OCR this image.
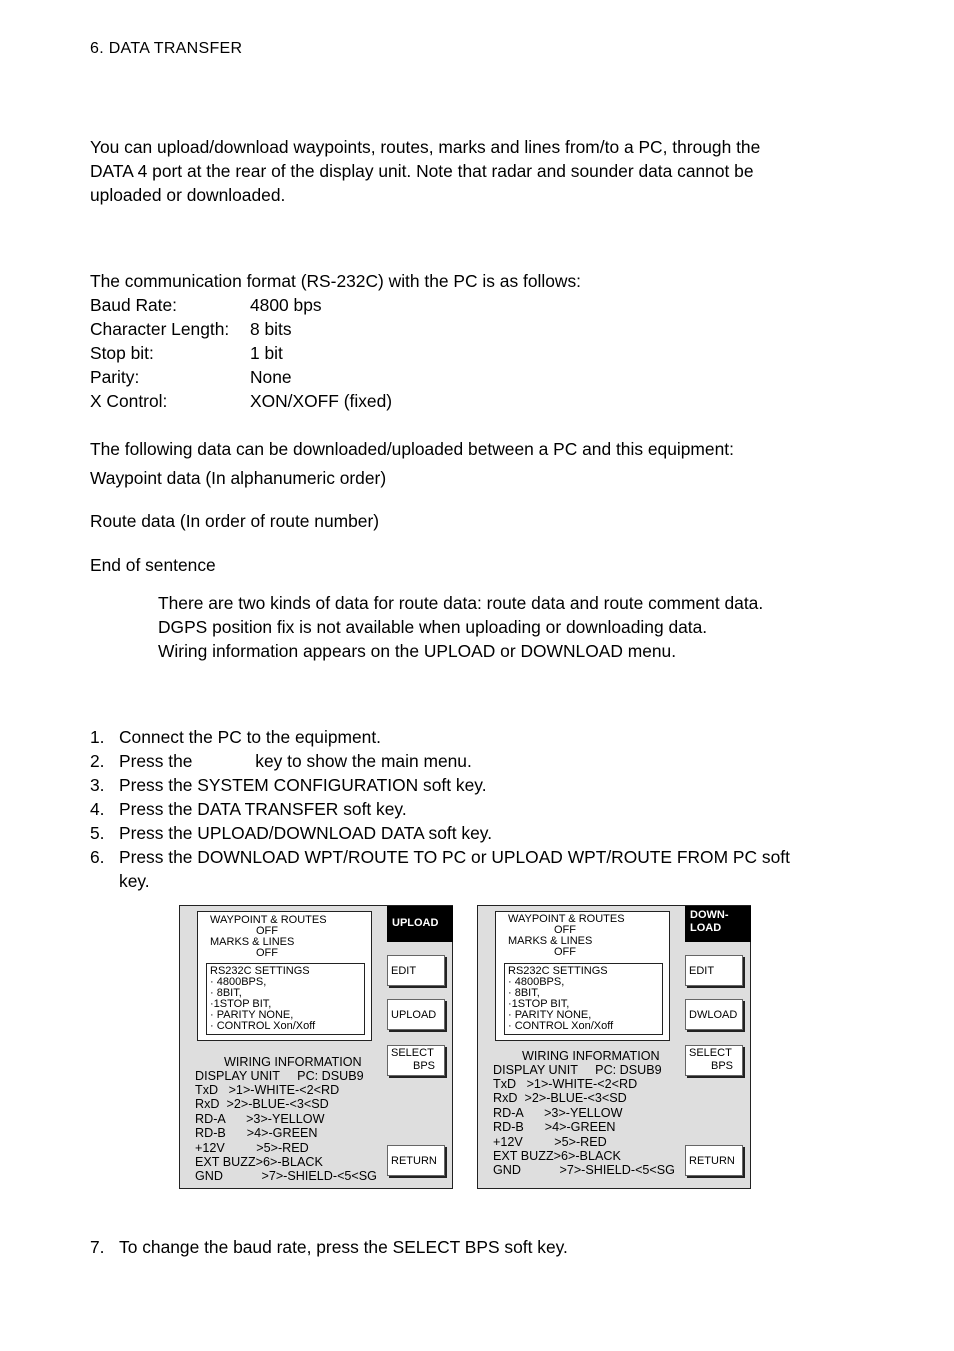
6. DATA TRANSFER
You can upload/download waypoints, routes, marks and lines from/to a PC, through the
DATA 4 port at the rear of the display unit. Note that radar and sounder data cannot be
uploaded or downloaded.
The communication format (RS-232C) with the PC is as follows:
Baud Rate:	4800 bps
Character Length: 8 bits
Stop bit:	1 bit
Parity:	None
X Control:	XON/XOFF (fixed)
The following data can be downloaded/uploaded between a PC and this equipment:
Waypoint data (In alphanumeric order)
Route data (In order of route number)
End of sentence
There are two kinds of data for route data: route data and route comment data.
DGPS position fix is not available when uploading or downloading data.
Wiring information appears on the UPLOAD or DOWNLOAD menu.
1. Connect the PC to the equipment.
2. Press the             key to show the main menu.
3. Press the SYSTEM CONFIGURATION soft key.
4. Press the DATA TRANSFER soft key.
5. Press the UPLOAD/DOWNLOAD DATA soft key.
6. Press the DOWNLOAD WPT/ROUTE TO PC or UPLOAD WPT/ROUTE FROM PC soft
key.
WAYPOINT & ROUTES
OFF
MARKS & LINES
OFF
RS232C SETTINGS
· 4800BPS,
· 8BIT,
·1STOP BIT,
· PARITY NONE,
· CONTROL Xon/Xoff
UPLOAD
EDIT
UPLOAD
SELECT
BPS
RETURN
WIRING INFORMATION
DISPLAY UNIT     PC: DSUB9
TxD   >1>-WHITE-<2<RD
RxD  >2>-BLUE-<3<SD
RD-A      >3>-YELLOW
RD-B      >4>-GREEN
+12V         >5>-RED
EXT BUZZ>6>-BLACK
GND           >7>-SHIELD-<5<SG
WAYPOINT & ROUTES
OFF
MARKS & LINES
OFF
RS232C SETTINGS
· 4800BPS,
· 8BIT,
·1STOP BIT,
· PARITY NONE,
· CONTROL Xon/Xoff
DOWN-
LOAD
EDIT
DWLOAD
SELECT
BPS
RETURN
WIRING INFORMATION
DISPLAY UNIT     PC: DSUB9
TxD   >1>-WHITE-<2<RD
RxD  >2>-BLUE-<3<SD
RD-A      >3>-YELLOW
RD-B      >4>-GREEN
+12V         >5>-RED
EXT BUZZ>6>-BLACK
GND           >7>-SHIELD-<5<SG
7. To change the baud rate, press the SELECT BPS soft key.
